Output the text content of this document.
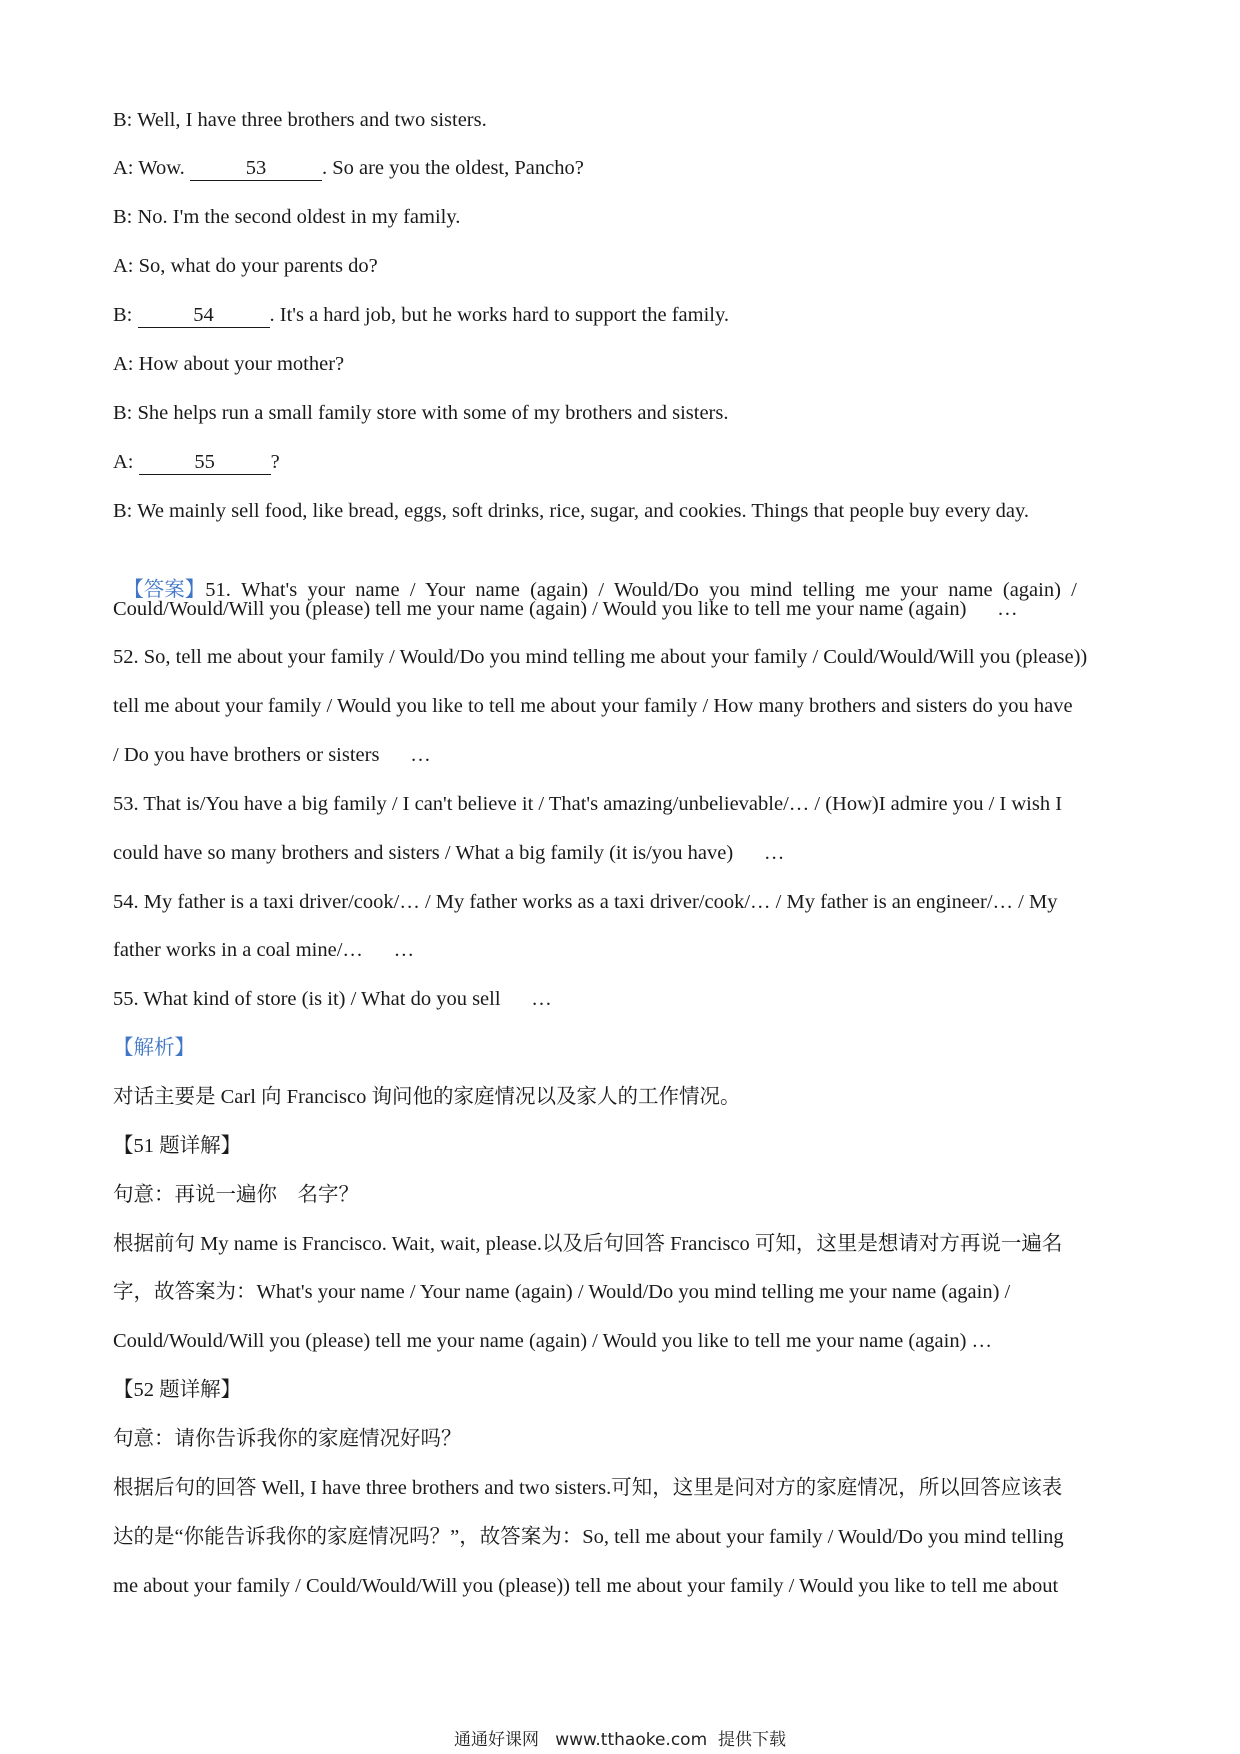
B: Well, I have three brothers and two sisters.
A: Wow.	53	. So are you the oldest, Pancho?
B: No. I'm the second oldest in my family.
A: So, what do your parents do?
B:	54	. It's a hard job, but he works hard to support the family.
A: How about your mother?
B: She helps run a small family store with some of my brothers and sisters.
A:	55	?
B: We mainly sell food, like bread, eggs, soft drinks, rice, sugar, and cookies. Things that people buy every day.

【答案】51.  What's  your  name  /  Your  name  (again)  /  Would/Do  you  mind  telling  me  your  name  (again)  /

Could/Would/Will you (please) tell me your name (again) / Would you like to tell me your name (again)      …
52. So, tell me about your family / Would/Do you mind telling me about your family / Could/Would/Will you (please))
tell me about your family / Would you like to tell me about your family / How many brothers and sisters do you have
/ Do you have brothers or sisters      …
53. That is/You have a big family / I can't believe it / That's amazing/unbelievable/… / (How)I admire you / I wish I
could have so many brothers and sisters / What a big family (it is/you have)      …
54. My father is a taxi driver/cook/… / My father works as a taxi driver/cook/… / My father is an engineer/… / My
father works in a coal mine/…      …
55. What kind of store (is it) / What do you sell      …
【解析】
对话主要是 Carl 向 Francisco 询问他的家庭情况以及家人的工作情况。
【51 题详解】
句意：再说一遍你    名字？
根据前句 My name is Francisco. Wait, wait, please.以及后句回答 Francisco 可知，这里是想请对方再说一遍名
字，故答案为：What's your name / Your name (again) / Would/Do you mind telling me your name (again) /
Could/Would/Will you (please) tell me your name (again) / Would you like to tell me your name (again) …
【52 题详解】
句意：请你告诉我你的家庭情况好吗？
根据后句的回答 Well, I have three brothers and two sisters.可知，这里是问对方的家庭情况，所以回答应该表
达的是“你能告诉我你的家庭情况吗？”，故答案为：So, tell me about your family / Would/Do you mind telling
me about your family / Could/Would/Will you (please)) tell me about your family / Would you like to tell me about
通通好课网   www.tthaoke.com  提供下载
